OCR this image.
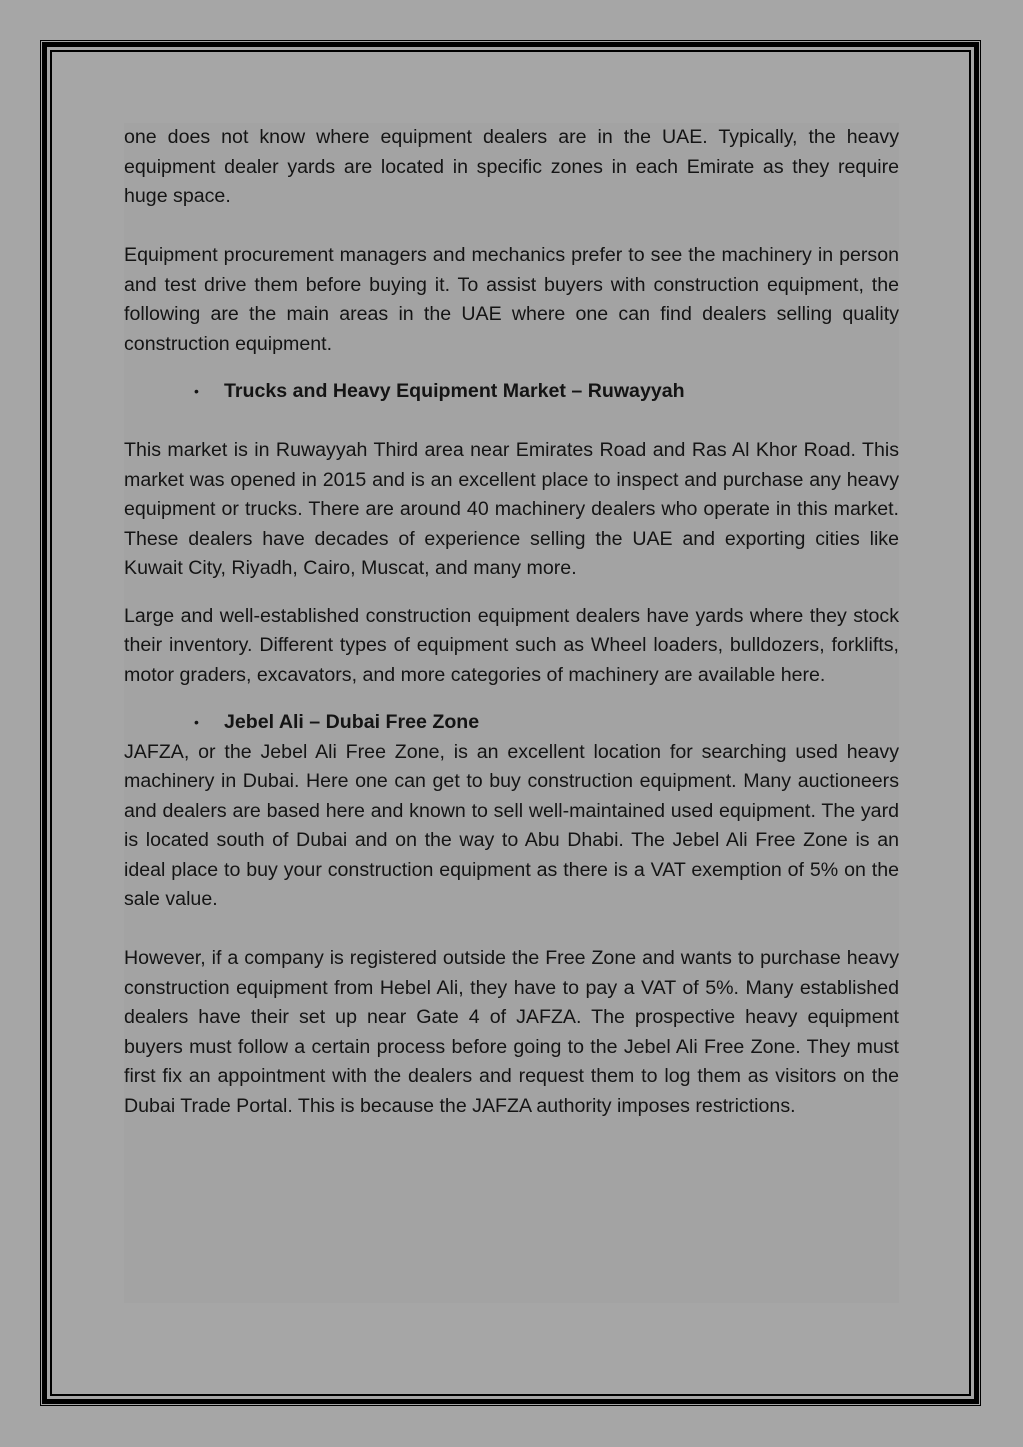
one does not know where equipment dealers are in the UAE. Typically, the heavy equipment dealer yards are located in specific zones in each Emirate as they require huge space.

Equipment procurement managers and mechanics prefer to see the machinery in person and test drive them before buying it. To assist buyers with construction equipment, the following are the main areas in the UAE where one can find dealers selling quality construction equipment.

• Trucks and Heavy Equipment Market – Ruwayyah

This market is in Ruwayyah Third area near Emirates Road and Ras Al Khor Road. This market was opened in 2015 and is an excellent place to inspect and purchase any heavy equipment or trucks. There are around 40 machinery dealers who operate in this market. These dealers have decades of experience selling the UAE and exporting cities like Kuwait City, Riyadh, Cairo, Muscat, and many more.

Large and well-established construction equipment dealers have yards where they stock their inventory. Different types of equipment such as Wheel loaders, bulldozers, forklifts, motor graders, excavators, and more categories of machinery are available here.

• Jebel Ali – Dubai Free Zone

JAFZA, or the Jebel Ali Free Zone, is an excellent location for searching used heavy machinery in Dubai. Here one can get to buy construction equipment. Many auctioneers and dealers are based here and known to sell well-maintained used equipment. The yard is located south of Dubai and on the way to Abu Dhabi. The Jebel Ali Free Zone is an ideal place to buy your construction equipment as there is a VAT exemption of 5% on the sale value.

However, if a company is registered outside the Free Zone and wants to purchase heavy construction equipment from Hebel Ali, they have to pay a VAT of 5%. Many established dealers have their set up near Gate 4 of JAFZA. The prospective heavy equipment buyers must follow a certain process before going to the Jebel Ali Free Zone. They must first fix an appointment with the dealers and request them to log them as visitors on the Dubai Trade Portal. This is because the JAFZA authority imposes restrictions.
